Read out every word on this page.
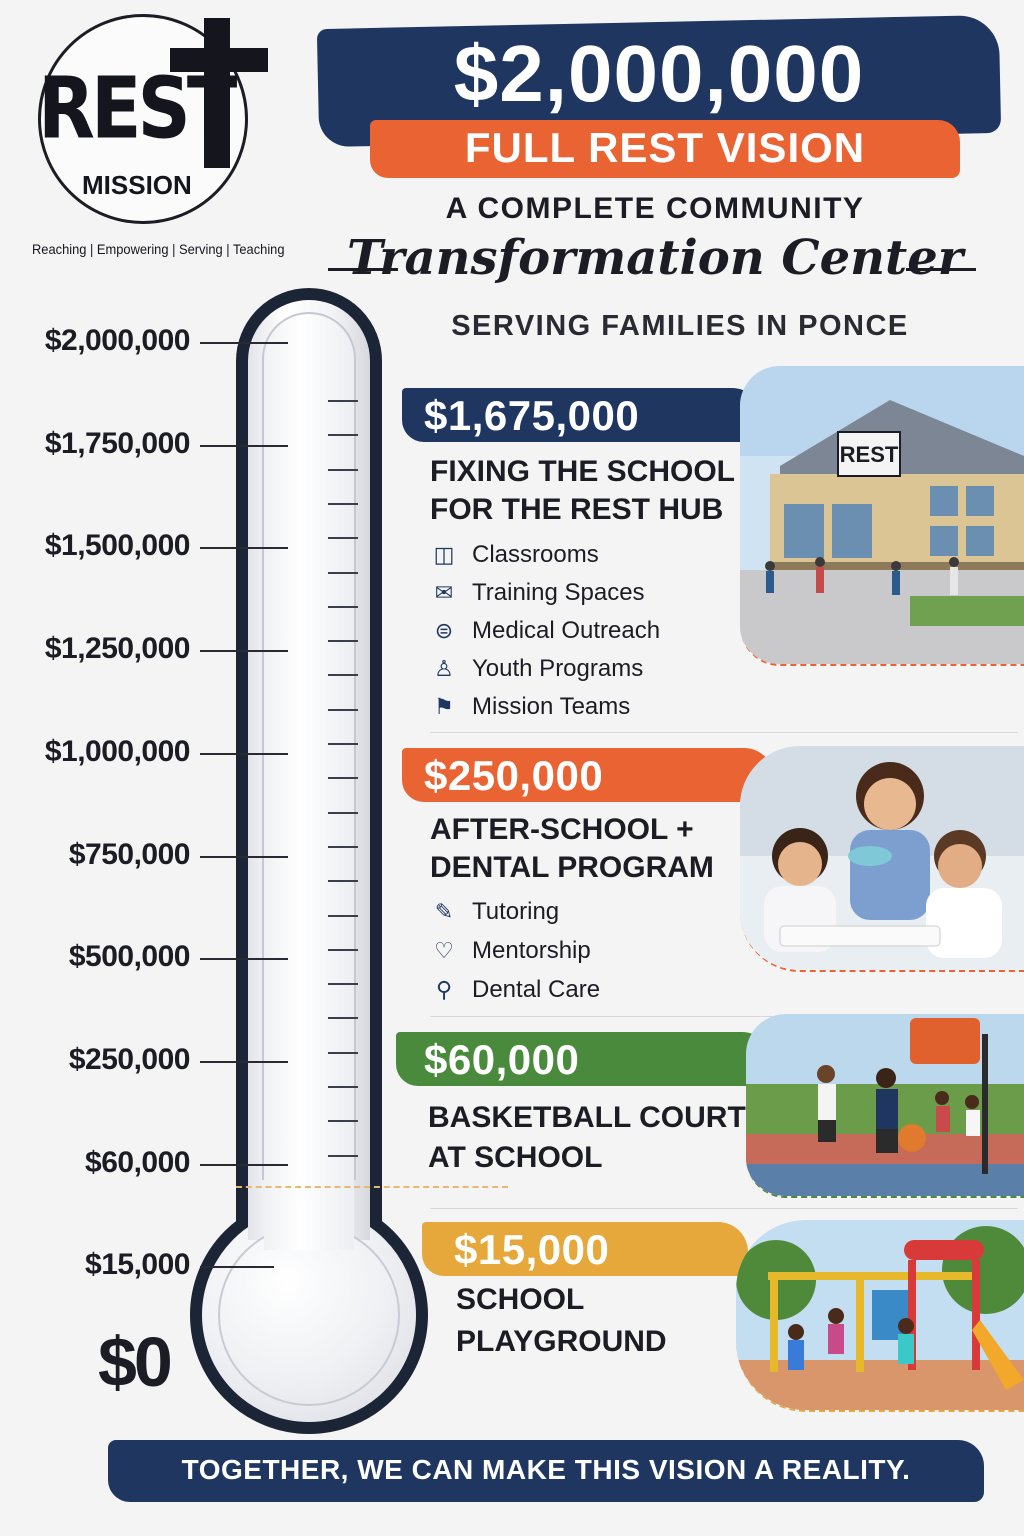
REST
MISSION
Reaching | Empowering | Serving | Teaching
$2,000,000
FULL REST VISION
A COMPLETE COMMUNITY
Transformation Center
SERVING FAMILIES IN PONCE
$2,000,000
$1,750,000
$1,500,000
$1,250,000
$1,000,000
$750,000
$500,000
$250,000
$60,000
$15,000
$0
$1,675,000
FIXING THE SCHOOL
FOR THE REST HUB
◫ Classrooms
✉ Training Spaces
⊜ Medical Outreach
♙ Youth Programs
⚑ Mission Teams
REST
$250,000
AFTER-SCHOOL +
DENTAL PROGRAM
✎ Tutoring
♡ Mentorship
⚲ Dental Care
$60,000
BASKETBALL COURT
AT SCHOOL
$15,000
SCHOOL
PLAYGROUND
TOGETHER, WE CAN MAKE THIS VISION A REALITY.
